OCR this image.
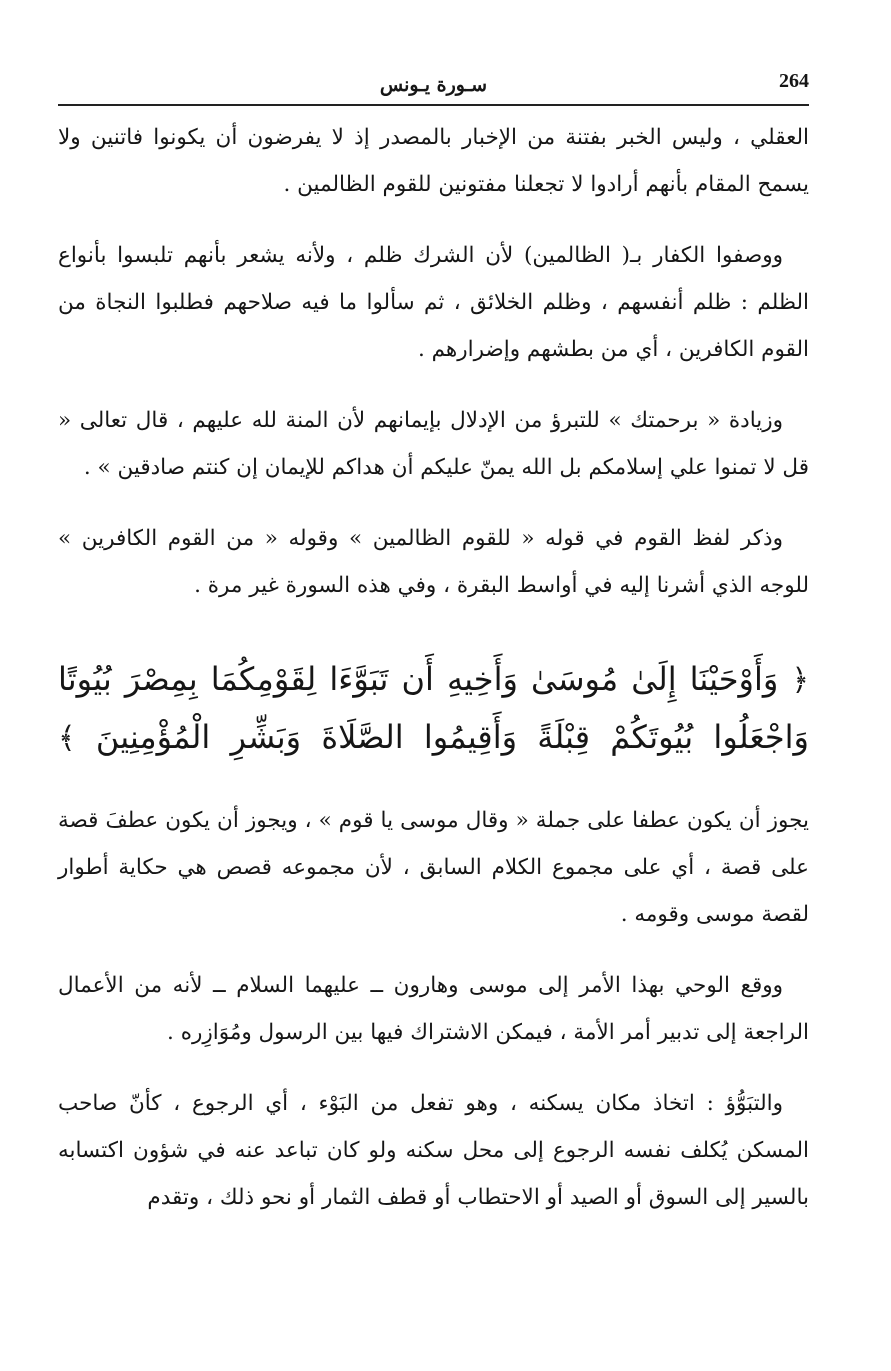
264
سـورة يـونس

العقلي ، وليس الخبر بفتنة من الإخبار بالمصدر إذ لا يفرضون أن يكونوا فاتنين ولا يسمح المقام بأنهم أرادوا لا تجعلنا مفتونين للقوم الظالمين .

ووصفوا الكفار بـ( الظالمين) لأن الشرك ظلم ، ولأنه يشعر بأنهم تلبسوا بأنواع الظلم : ظلم أنفسهم ، وظلم الخلائق ، ثم سألوا ما فيه صلاحهم فطلبوا النجاة من القوم الكافرين ، أي من بطشهم وإضرارهم .

وزيادة « برحمتك » للتبرؤ من الإدلال بإيمانهم لأن المنة لله عليهم ، قال تعالى « قل لا تمنوا علي إسلامكم بل الله يمنّ عليكم أن هداكم للإيمان إن كنتم صادقين » .

وذكر لفظ القوم في قوله « للقوم الظالمين » وقوله « من القوم الكافرين » للوجه الذي أشرنا إليه في أواسط البقرة ، وفي هذه السورة غير مرة .

﴿ وَأَوْحَيْنَا إِلَىٰ مُوسَىٰ وَأَخِيهِ أَن تَبَوَّءَا لِقَوْمِكُمَا بِمِصْرَ بُيُوتًا وَاجْعَلُوا بُيُوتَكُمْ قِبْلَةً وَأَقِيمُوا الصَّلَاةَ وَبَشِّرِ الْمُؤْمِنِينَ ﴾

يجوز أن يكون عطفا على جملة « وقال موسى يا قوم » ، ويجوز أن يكون عطفَ قصة على قصة ، أي على مجموع الكلام السابق ، لأن مجموعه قصص هي حكاية أطوار لقصة موسى وقومه .

ووقع الوحي بهذا الأمر إلى موسى وهارون ــ عليهما السلام ــ لأنه من الأعمال الراجعة إلى تدبير أمر الأمة ، فيمكن الاشتراك فيها بين الرسول ومُوَازِره .

والتبَوُّؤ : اتخاذ مكان يسكنه ، وهو تفعل من البَوْء ، أي الرجوع ، كأنّ صاحب المسكن يُكلف نفسه الرجوع إلى محل سكنه ولو كان تباعد عنه في شؤون اكتسابه بالسير إلى السوق أو الصيد أو الاحتطاب أو قطف الثمار أو نحو ذلك ، وتقدم
